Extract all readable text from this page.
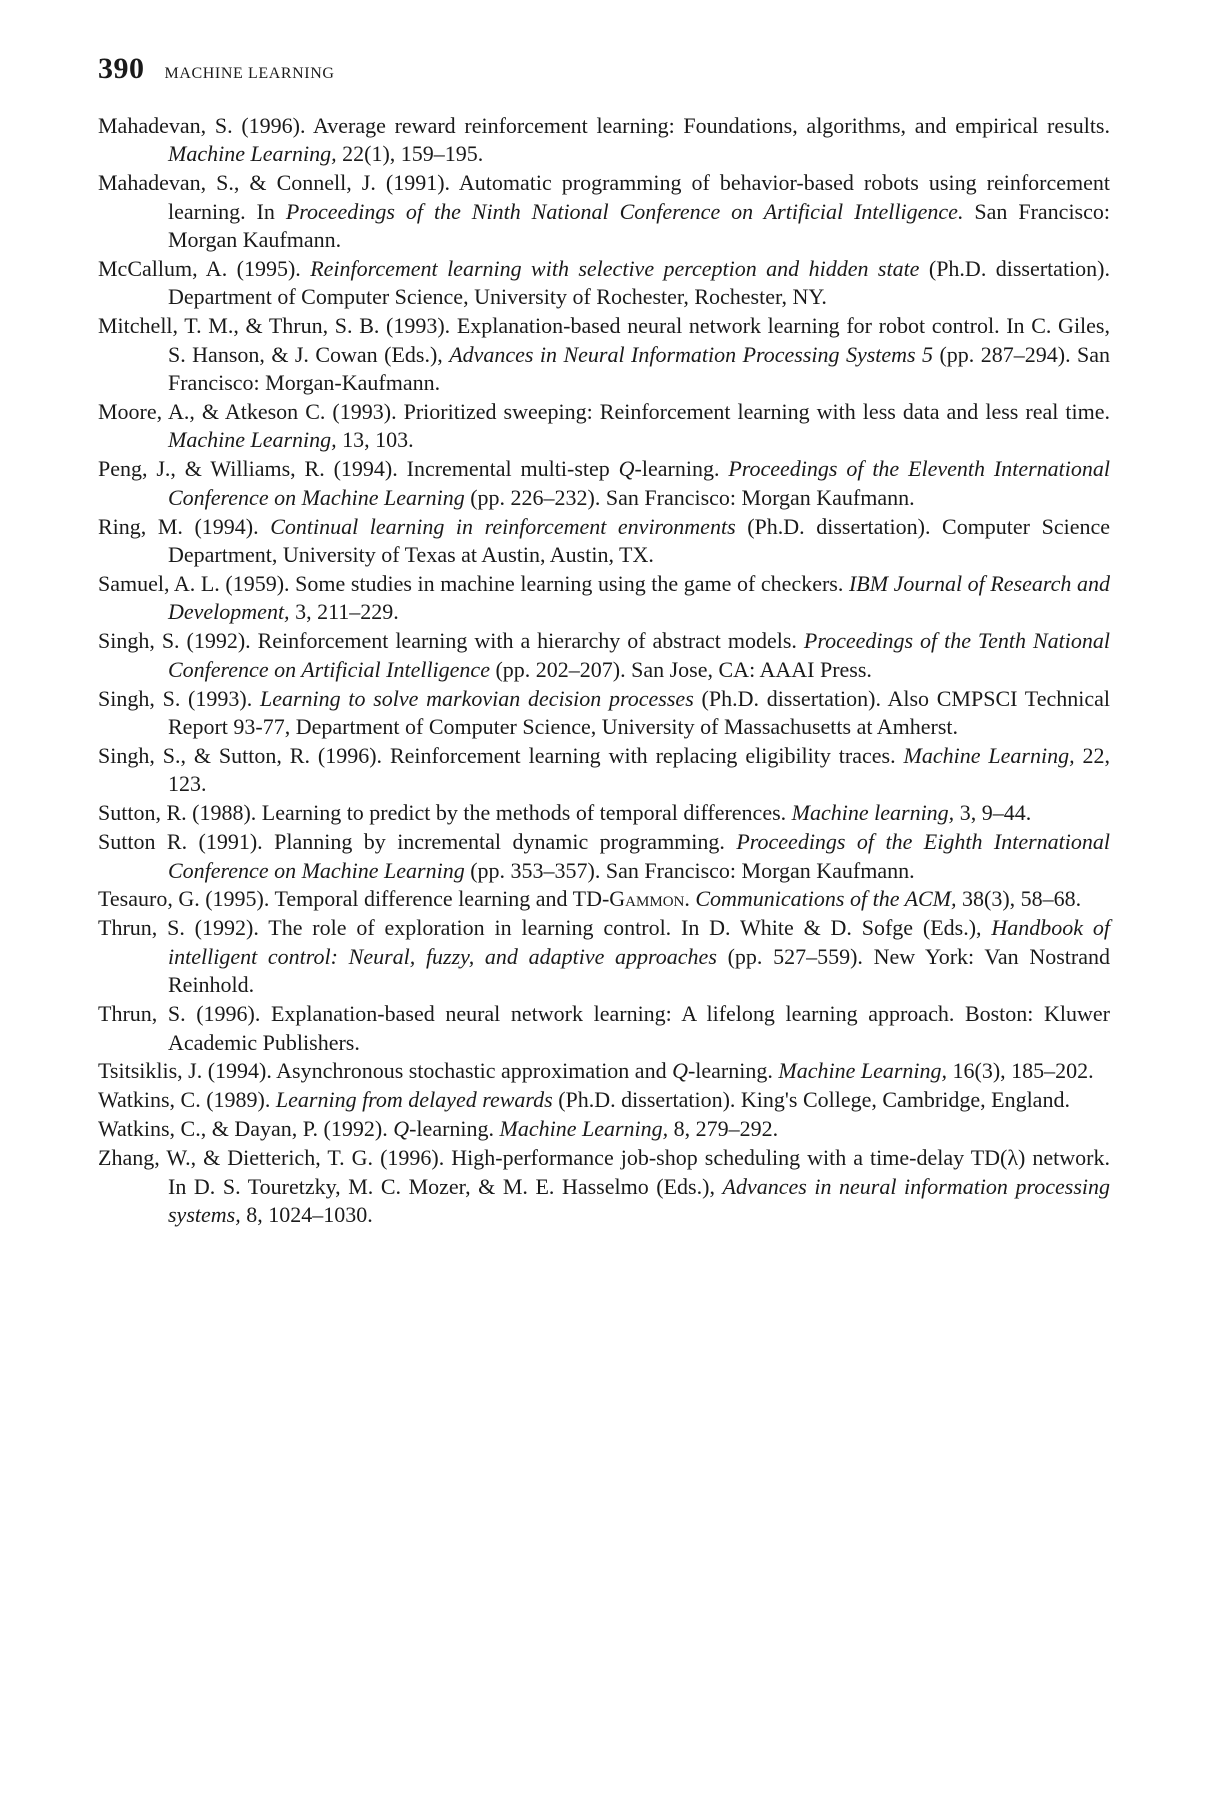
390 MACHINE LEARNING
Mahadevan, S. (1996). Average reward reinforcement learning: Foundations, algorithms, and empirical results. Machine Learning, 22(1), 159–195.
Mahadevan, S., & Connell, J. (1991). Automatic programming of behavior-based robots using reinforcement learning. In Proceedings of the Ninth National Conference on Artificial Intelligence. San Francisco: Morgan Kaufmann.
McCallum, A. (1995). Reinforcement learning with selective perception and hidden state (Ph.D. dissertation). Department of Computer Science, University of Rochester, Rochester, NY.
Mitchell, T. M., & Thrun, S. B. (1993). Explanation-based neural network learning for robot control. In C. Giles, S. Hanson, & J. Cowan (Eds.), Advances in Neural Information Processing Systems 5 (pp. 287–294). San Francisco: Morgan-Kaufmann.
Moore, A., & Atkeson C. (1993). Prioritized sweeping: Reinforcement learning with less data and less real time. Machine Learning, 13, 103.
Peng, J., & Williams, R. (1994). Incremental multi-step Q-learning. Proceedings of the Eleventh International Conference on Machine Learning (pp. 226–232). San Francisco: Morgan Kaufmann.
Ring, M. (1994). Continual learning in reinforcement environments (Ph.D. dissertation). Computer Science Department, University of Texas at Austin, Austin, TX.
Samuel, A. L. (1959). Some studies in machine learning using the game of checkers. IBM Journal of Research and Development, 3, 211–229.
Singh, S. (1992). Reinforcement learning with a hierarchy of abstract models. Proceedings of the Tenth National Conference on Artificial Intelligence (pp. 202–207). San Jose, CA: AAAI Press.
Singh, S. (1993). Learning to solve markovian decision processes (Ph.D. dissertation). Also CMPSCI Technical Report 93-77, Department of Computer Science, University of Massachusetts at Amherst.
Singh, S., & Sutton, R. (1996). Reinforcement learning with replacing eligibility traces. Machine Learning, 22, 123.
Sutton, R. (1988). Learning to predict by the methods of temporal differences. Machine learning, 3, 9–44.
Sutton R. (1991). Planning by incremental dynamic programming. Proceedings of the Eighth International Conference on Machine Learning (pp. 353–357). San Francisco: Morgan Kaufmann.
Tesauro, G. (1995). Temporal difference learning and TD-Gammon. Communications of the ACM, 38(3), 58–68.
Thrun, S. (1992). The role of exploration in learning control. In D. White & D. Sofge (Eds.), Handbook of intelligent control: Neural, fuzzy, and adaptive approaches (pp. 527–559). New York: Van Nostrand Reinhold.
Thrun, S. (1996). Explanation-based neural network learning: A lifelong learning approach. Boston: Kluwer Academic Publishers.
Tsitsiklis, J. (1994). Asynchronous stochastic approximation and Q-learning. Machine Learning, 16(3), 185–202.
Watkins, C. (1989). Learning from delayed rewards (Ph.D. dissertation). King's College, Cambridge, England.
Watkins, C., & Dayan, P. (1992). Q-learning. Machine Learning, 8, 279–292.
Zhang, W., & Dietterich, T. G. (1996). High-performance job-shop scheduling with a time-delay TD(λ) network. In D. S. Touretzky, M. C. Mozer, & M. E. Hasselmo (Eds.), Advances in neural information processing systems, 8, 1024–1030.
